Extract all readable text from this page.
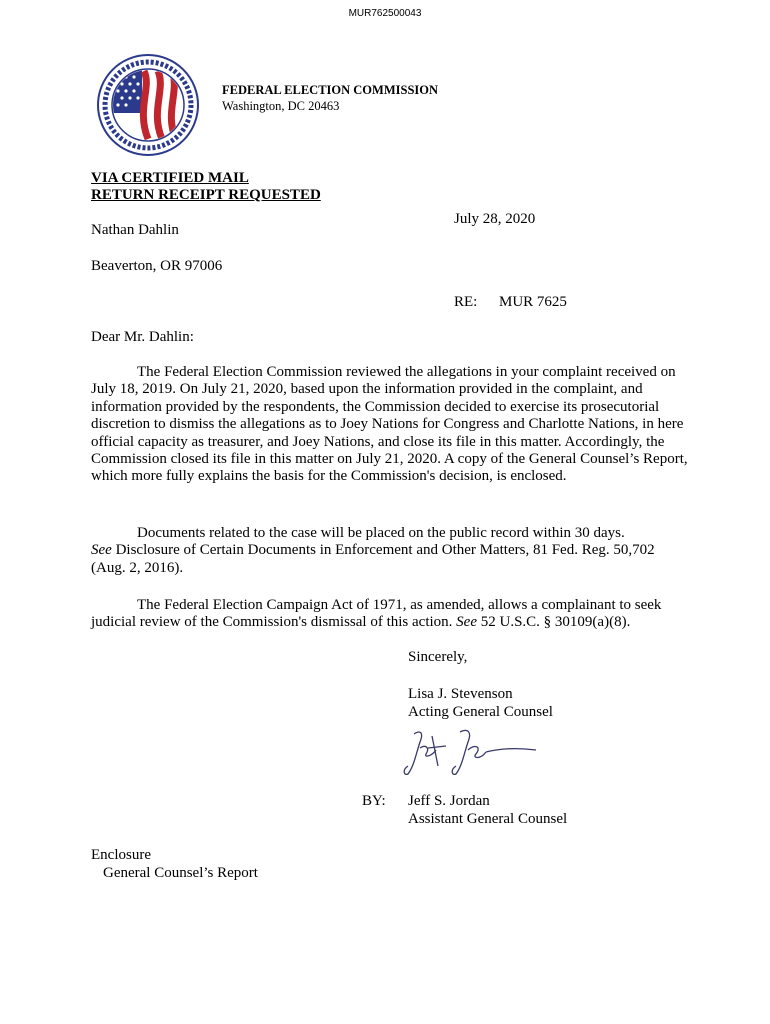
MUR762500043
FEDERAL ELECTION COMMISSION
Washington, DC 20463
VIA CERTIFIED MAIL
RETURN RECEIPT REQUESTED
July 28, 2020
Nathan Dahlin
Beaverton, OR 97006
RE: MUR 7625
Dear Mr. Dahlin:

The Federal Election Commission reviewed the allegations in your complaint received on July 18, 2019. On July 21, 2020, based upon the information provided in the complaint, and information provided by the respondents, the Commission decided to exercise its prosecutorial discretion to dismiss the allegations as to Joey Nations for Congress and Charlotte Nations, in here official capacity as treasurer, and Joey Nations, and close its file in this matter. Accordingly, the Commission closed its file in this matter on July 21, 2020. A copy of the General Counsel’s Report, which more fully explains the basis for the Commission's decision, is enclosed.

Documents related to the case will be placed on the public record within 30 days.
See Disclosure of Certain Documents in Enforcement and Other Matters, 81 Fed. Reg. 50,702 (Aug. 2, 2016).

The Federal Election Campaign Act of 1971, as amended, allows a complainant to seek judicial review of the Commission's dismissal of this action. See 52 U.S.C. § 30109(a)(8).

Sincerely,
Lisa J. Stevenson
Acting General Counsel
BY: Jeff S. Jordan
Assistant General Counsel
Enclosure
General Counsel’s Report
